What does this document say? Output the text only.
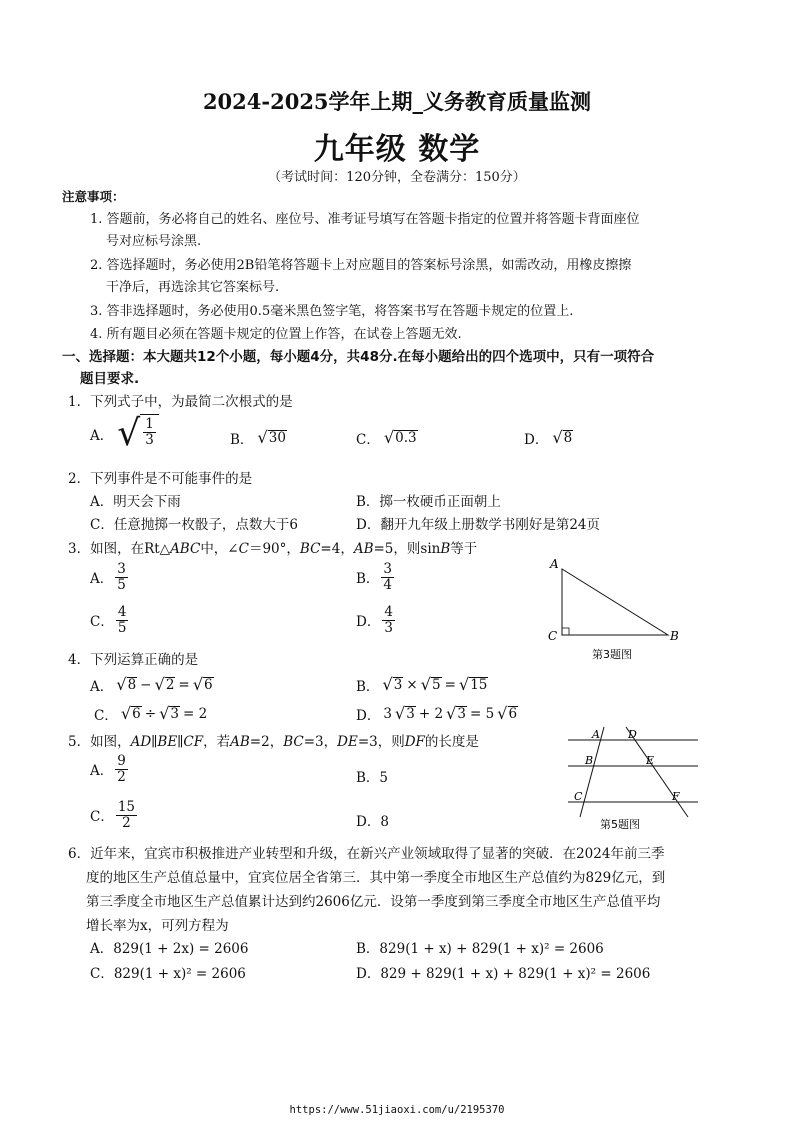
2024-2025学年上期_义务教育质量监测
九年级 数学
（考试时间：120分钟，全卷满分：150分）
注意事项：
1. 答题前，务必将自己的姓名、座位号、准考证号填写在答题卡指定的位置并将答题卡背面座位
号对应标号涂黑.
2. 答选择题时，务必使用2B铅笔将答题卡上对应题目的答案标号涂黑，如需改动，用橡皮擦擦
干净后，再选涂其它答案标号.
3. 答非选择题时，务必使用0.5毫米黑色签字笔，将答案书写在答题卡规定的位置上.
4. 所有题目必须在答题卡规定的位置上作答，在试卷上答题无效.
一、选择题：本大题共12个小题，每小题4分，共48分.在每小题给出的四个选项中，只有一项符合
题目要求.
1．下列式子中，为最简二次根式的是
A． √ $\frac{1}{3}$	B． √ 30	C． √ 0.3	D． √ 8
2．下列事件是不可能事件的是
A．明天会下雨	B．掷一枚硬币正面朝上
C．任意抛掷一枚骰子，点数大于6	D．翻开九年级上册数学书刚好是第24页
3．如图，在Rt△ABC中，∠C＝90°，BC=4，AB=5，则sinB等于
A． $\frac{3}{5}$	B． $\frac{3}{4}$
C． $\frac{4}{5}$	D． $\frac{4}{3}$
A
C	B
第3题图
4．下列运算正确的是
A． √ 8 − √ 2 = √ 6	B． √ 3 × √ 5 = √ 15
C． √ 6 ÷ √ 3 = 2	D． 3 √ 3 + 2 √ 3 = 5 √ 6
5．如图，AD∥BE∥CF，若AB=2，BC=3，DE=3，则DF的长度是
A． $\frac{9}{2}$	B．5
C． $\frac{15}{2}$	D．8
A	D
B	E
C	F
第5题图
6．近年来，宜宾市积极推进产业转型和升级，在新兴产业领域取得了显著的突破．在2024年前三季
度的地区生产总值总量中，宜宾位居全省第三．其中第一季度全市地区生产总值约为829亿元，到
第三季度全市地区生产总值累计达到约2606亿元．设第一季度到第三季度全市地区生产总值平均
增长率为x，可列方程为
A．829(1 + 2x) = 2606	B．829(1 + x) + 829(1 + x)² = 2606
C．829(1 + x)² = 2606	D．829 + 829(1 + x) + 829(1 + x)² = 2606
https://www.51jiaoxi.com/u/2195370
